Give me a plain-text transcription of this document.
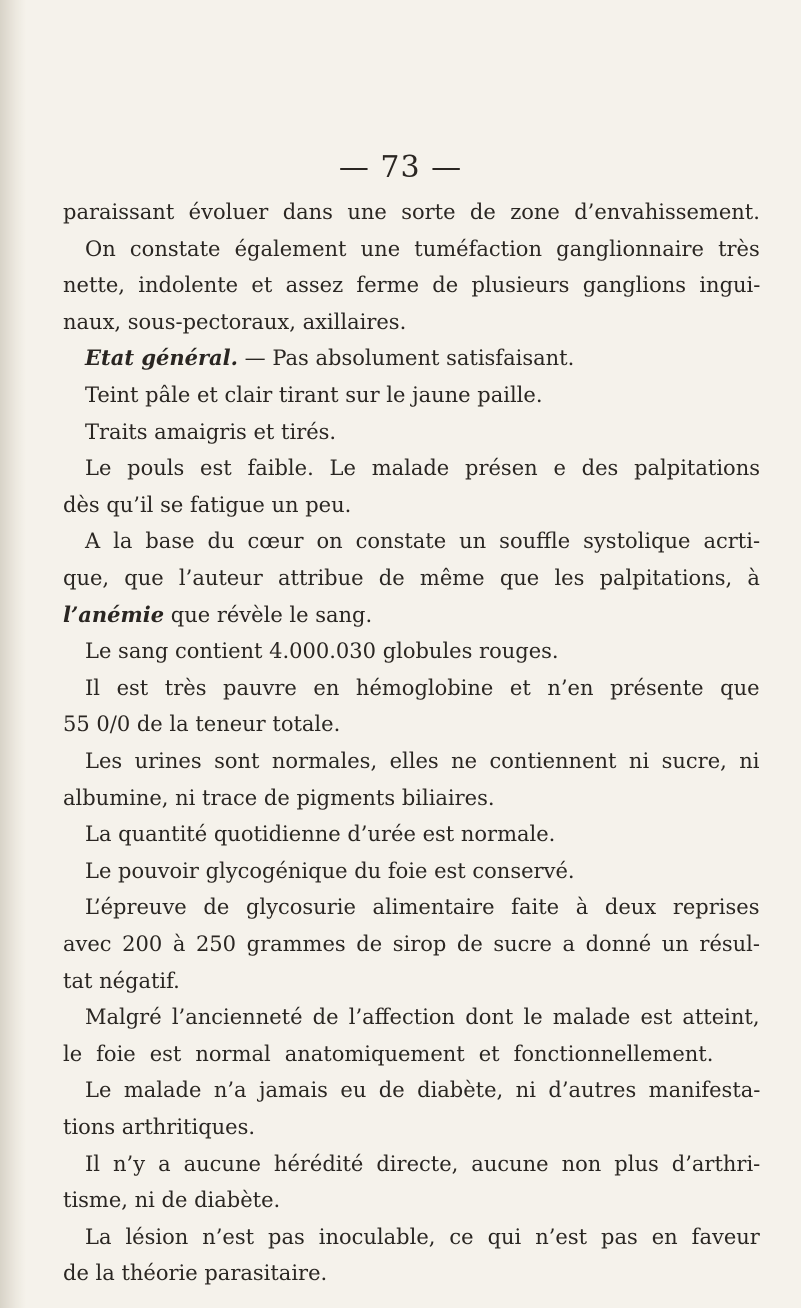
— 73 —
paraissant évoluer dans une sorte de zone d’envahissement.
On constate également une tuméfaction ganglionnaire très
nette, indolente et assez ferme de plusieurs ganglions ingui-
naux, sous-pectoraux, axillaires.
Etat général. — Pas absolument satisfaisant.
Teint pâle et clair tirant sur le jaune paille.
Traits amaigris et tirés.
Le pouls est faible. Le malade présen e des palpitations
dès qu’il se fatigue un peu.
A la base du cœur on constate un souffle systolique acrti-
que, que l’auteur attribue de même que les palpitations, à
l’anémie que révèle le sang.
Le sang contient 4.000.030 globules rouges.
Il est très pauvre en hémoglobine et n’en présente que
55 0/0 de la teneur totale.
Les urines sont normales, elles ne contiennent ni sucre, ni
albumine, ni trace de pigments biliaires.
La quantité quotidienne d’urée est normale.
Le pouvoir glycogénique du foie est conservé.
L’épreuve de glycosurie alimentaire faite à deux reprises
avec 200 à 250 grammes de sirop de sucre a donné un résul-
tat négatif.
Malgré l’ancienneté de l’affection dont le malade est atteint,
le foie est normal anatomiquement et fonctionnellement.
Le malade n’a jamais eu de diabète, ni d’autres manifesta-
tions arthritiques.
Il n’y a aucune hérédité directe, aucune non plus d’arthri-
tisme, ni de diabète.
La lésion n’est pas inoculable, ce qui n’est pas en faveur
de la théorie parasitaire.
